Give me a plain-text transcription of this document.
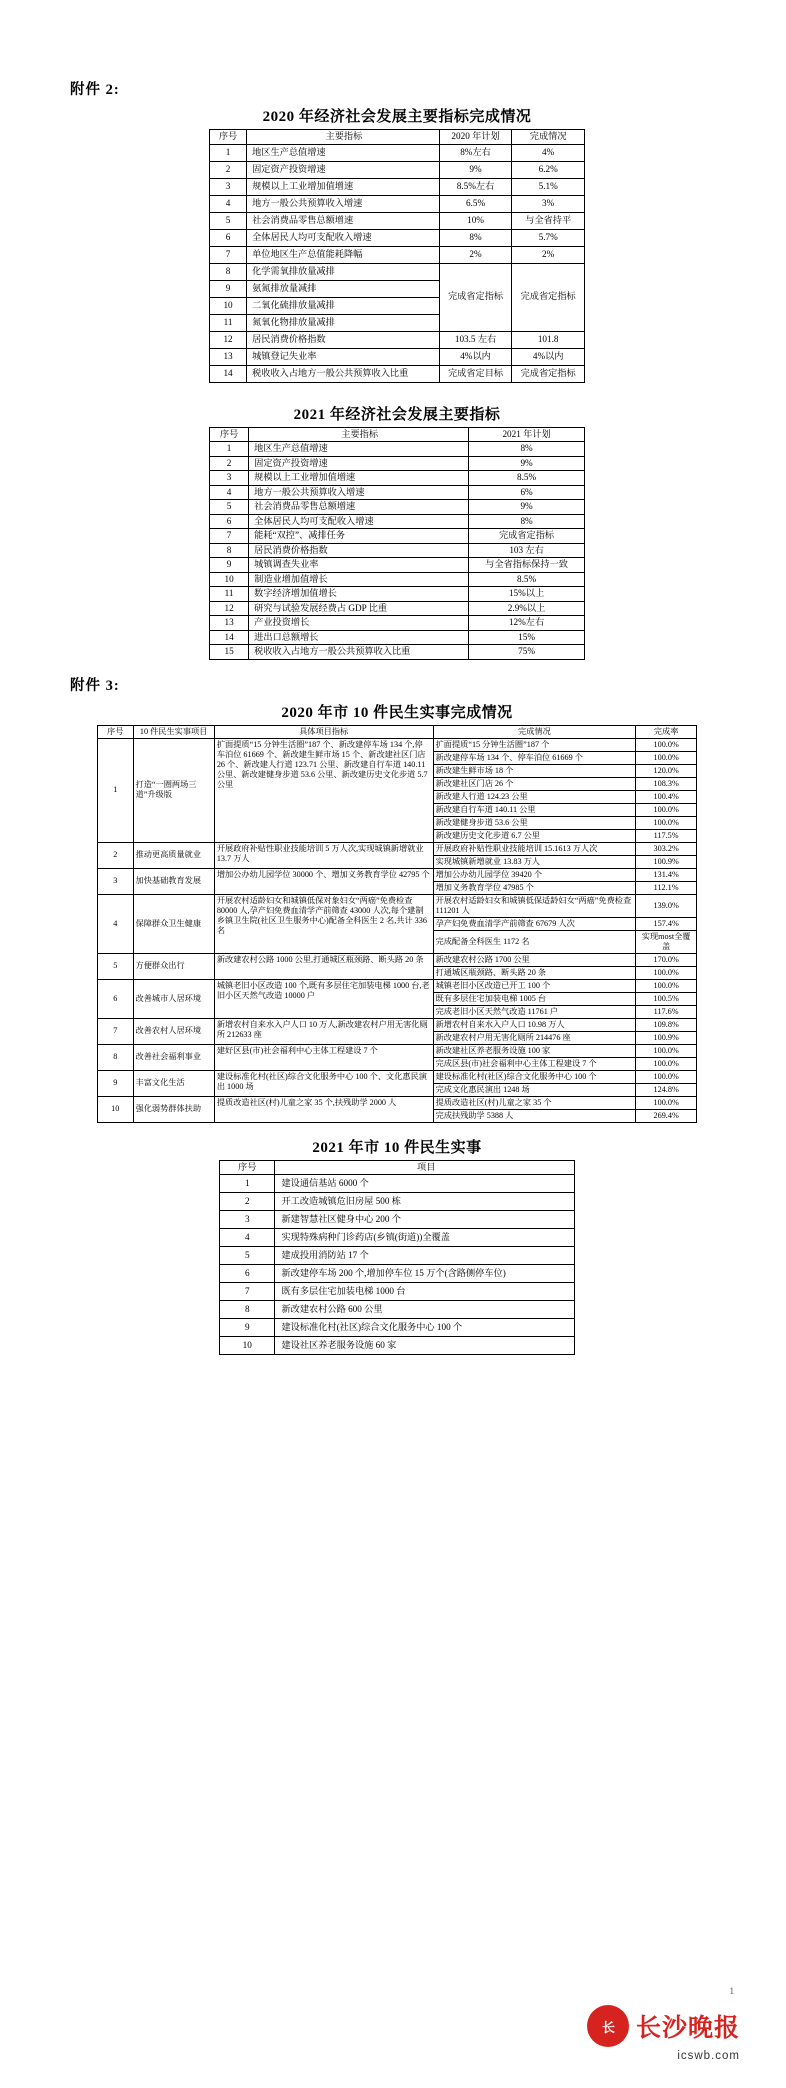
附件 2:
2020 年经济社会发展主要指标完成情况
序号	主要指标	2020 年计划	完成情况
1	地区生产总值增速	8%左右	4%
2	固定资产投资增速	9%	6.2%
3	规模以上工业增加值增速	8.5%左右	5.1%
4	地方一般公共预算收入增速	6.5%	3%
5	社会消费品零售总额增速	10%	与全省持平
6	全体居民人均可支配收入增速	8%	5.7%
7	单位地区生产总值能耗降幅	2%	2%
8	化学需氧排放量减排	完成省定指标	完成省定指标
9	氨氮排放量减排		
10	二氧化硫排放量减排		
11	氮氧化物排放量减排		
12	居民消费价格指数	103.5 左右	101.8
13	城镇登记失业率	4%以内	4%以内
14	税收收入占地方一般公共预算收入比重	完成省定目标	完成省定指标
2021 年经济社会发展主要指标
序号	主要指标	2021 年计划
1	地区生产总值增速	8%
2	固定资产投资增速	9%
3	规模以上工业增加值增速	8.5%
4	地方一般公共预算收入增速	6%
5	社会消费品零售总额增速	9%
6	全体居民人均可支配收入增速	8%
7	能耗“双控”、减排任务	完成省定指标
8	居民消费价格指数	103 左右
9	城镇调查失业率	与全省指标保持一致
10	制造业增加值增长	8.5%
11	数字经济增加值增长	15%以上
12	研究与试验发展经费占 GDP 比重	2.9%以上
13	产业投资增长	12%左右
14	进出口总额增长	15%
15	税收收入占地方一般公共预算收入比重	75%
附件 3:
2020 年市 10 件民生实事完成情况
序号	10 件民生实事项目	具体项目指标	完成情况	完成率
1	打造“一圈两场三道”升级版	扩面提质“15 分钟生活圈”187 个、新改建停车场 134 个,停车泊位 61669 个、新改建生鲜市场 15 个、新改建社区门店 26 个、新改建人行道 123.71 公里、新改建自行车道 140.11 公里、新改建健身步道 53.6 公里、新改建历史文化步道 5.7 公里	扩面提质“15 分钟生活圈”187 个	100.0%
			新改建停车场 134 个、停车泊位 61669 个	100.0%
			新改建生鲜市场 18 个	120.0%
			新改建社区门店 26 个	108.3%
			新改建人行道 124.23 公里	100.4%
			新改建自行车道 140.11 公里	100.0%
			新改建健身步道 53.6 公里	100.0%
			新改建历史文化步道 6.7 公里	117.5%
2	推动更高质量就业	开展政府补贴性职业技能培训 5 万人次,实现城镇新增就业 13.7 万人	开展政府补贴性职业技能培训 15.1613 万人次	303.2%
			实现城镇新增就业 13.83 万人	100.9%
3	加快基础教育发展	增加公办幼儿园学位 30000 个、增加义务教育学位 42795 个	增加公办幼儿园学位 39420 个	131.4%
			增加义务教育学位 47985 个	112.1%
4	保障群众卫生健康	开展农村适龄妇女和城镇低保对象妇女“两癌”免费检查 80000 人,孕产妇免费血清学产前筛查 43000 人次,每个建制乡镇卫生院(社区卫生服务中心)配备全科医生 2 名,共计 336 名	开展农村适龄妇女和城镇低保适龄妇女“两癌”免费检查 111201 人	139.0%
			孕产妇免费血清学产前筛查 67679 人次	157.4%
			完成配备全科医生 1172 名	实现most全覆盖
5	方便群众出行	新改建农村公路 1000 公里,打通城区瓶颈路、断头路 20 条	新改建农村公路 1700 公里	170.0%
			打通城区瓶颈路、断头路 20 条	100.0%
6	改善城市人居环境	城镇老旧小区改造 100 个,既有多层住宅加装电梯 1000 台,老旧小区天然气改造 10000 户	城镇老旧小区改造已开工 100 个	100.0%
			既有多层住宅加装电梯 1005 台	100.5%
			完成老旧小区天然气改造 11761 户	117.6%
7	改善农村人居环境	新增农村自来水入户人口 10 万人,新改建农村户用无害化厕所 212633 座	新增农村自来水入户人口 10.98 万人	109.8%
			新改建农村户用无害化厕所 214476 座	100.9%
8	改善社会福利事业	建好区县(市)社会福利中心主体工程建设 7 个	新改建社区养老服务设施 100 家	100.0%
			完成区县(市)社会福利中心主体工程建设 7 个	100.0%
9	丰富文化生活	建设标准化村(社区)综合文化服务中心 100 个、文化惠民演出 1000 场	建设标准化村(社区)综合文化服务中心 100 个	100.0%
			完成文化惠民演出 1248 场	124.8%
10	强化弱势群体扶助	提质改造社区(村)儿童之家 35 个,扶残助学 2000 人	提质改造社区(村)儿童之家 35 个	100.0%
			完成扶残助学 5388 人	269.4%
2021 年市 10 件民生实事
序号	项目
1	建设通信基站 6000 个
2	开工改造城镇危旧房屋 500 栋
3	新建智慧社区健身中心 200 个
4	实现特殊病种门诊药店(乡镇(街道))全覆盖
5	建成投用消防站 17 个
6	新改建停车场 200 个,增加停车位 15 万个(含路侧停车位)
7	既有多层住宅加装电梯 1000 台
8	新改建农村公路 600 公里
9	建设标准化村(社区)综合文化服务中心 100 个
10	建设社区养老服务设施 60 家
1
长 长沙晚报
icswb.com
